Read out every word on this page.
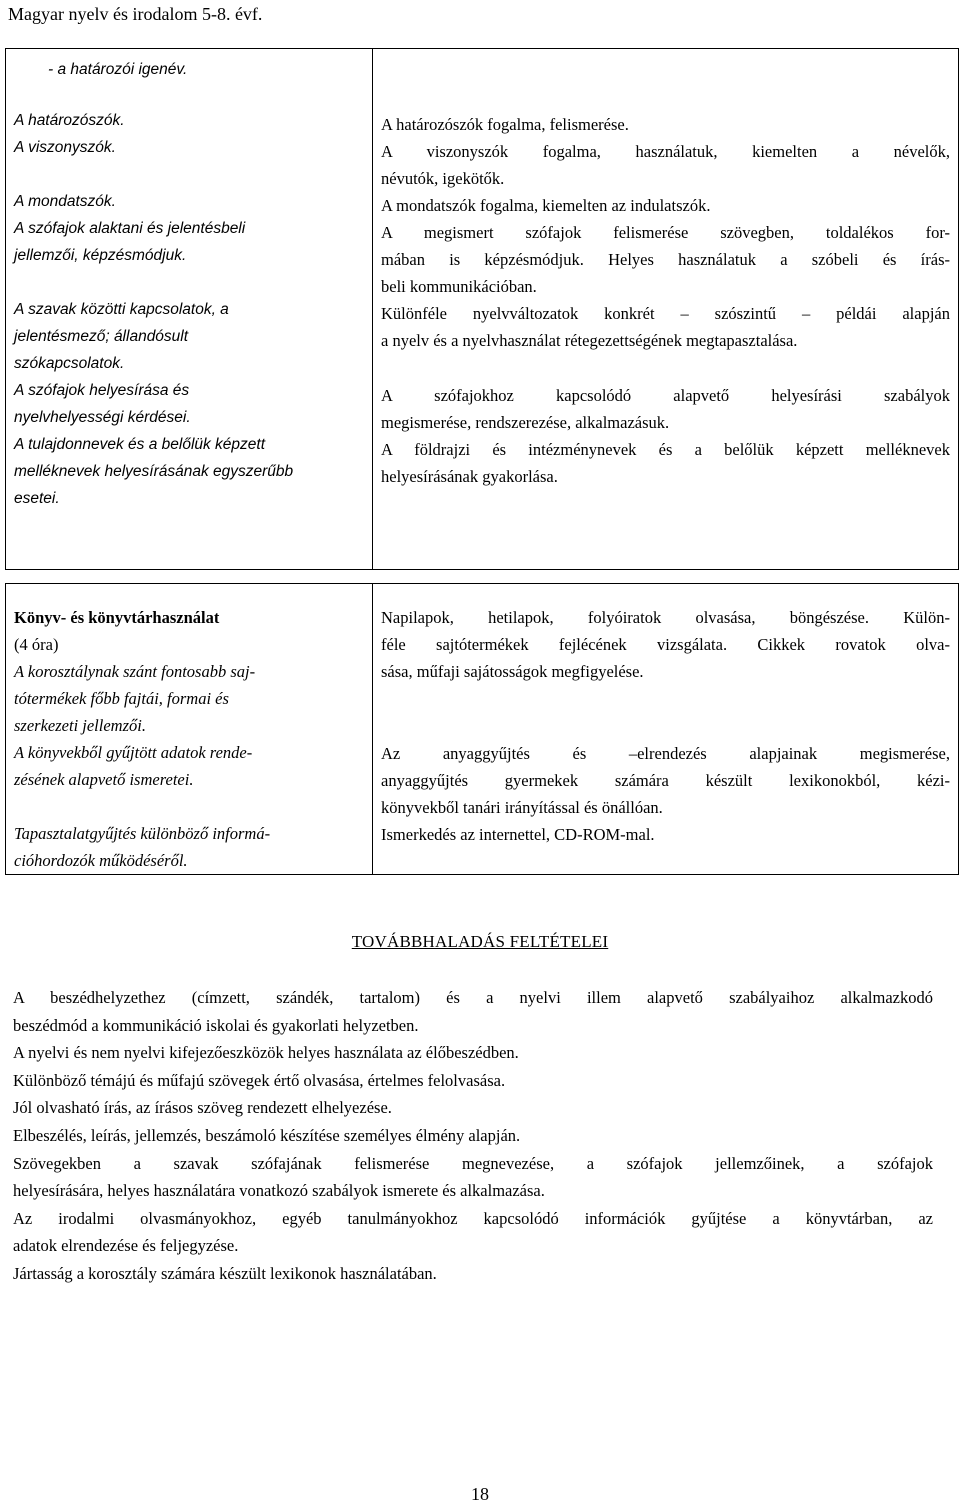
Magyar nyelv és irodalom 5-8. évf.
- a határozói igenév.
A határozószók.
A viszonyszók.
A mondatszók.
A szófajok alaktani és jelentésbeli
jellemzői, képzésmódjuk.
A szavak közötti kapcsolatok, a
jelentésmező; állandósult
szókapcsolatok.
A szófajok helyesírása és
nyelvhelyességi kérdései.
A tulajdonnevek és a belőlük képzett
melléknevek helyesírásának egyszerűbb
esetei.

A határozószók fogalma, felismerése.
A viszonyszók fogalma, használatuk, kiemelten a névelők,
névutók, igekötők.
A mondatszók fogalma, kiemelten az indulatszók.
A megismert szófajok felismerése szövegben, toldalékos for-
mában is képzésmódjuk. Helyes használatuk a szóbeli és írás-
beli kommunikációban.
Különféle nyelvváltozatok konkrét – szószintű – példái alapján
a nyelv és a nyelvhasználat rétegezettségének megtapasztalása.
A szófajokhoz kapcsolódó alapvető helyesírási szabályok
megismerése, rendszerezése, alkalmazásuk.
A földrajzi és intézménynevek és a belőlük képzett melléknevek
helyesírásának gyakorlása.
Könyv- és könyvtárhasználat
(4 óra)
A korosztálynak szánt fontosabb saj-
tótermékek főbb fajtái, formai és
szerkezeti jellemzői.
A könyvekből gyűjtött adatok rende-
zésének alapvető ismeretei.
Tapasztalatgyűjtés különböző informá-
cióhordozók működéséről.

Napilapok, hetilapok, folyóiratok olvasása, böngészése. Külön-
féle sajtótermékek fejlécének vizsgálata. Cikkek rovatok olva-
sása, műfaji sajátosságok megfigyelése.
Az anyaggyűjtés és –elrendezés alapjainak megismerése,
anyaggyűjtés gyermekek számára készült lexikonokból, kézi-
könyvekből tanári irányítással és önállóan.
Ismerkedés az internettel, CD-ROM-mal.
TOVÁBBHALADÁS FELTÉTELEI
A beszédhelyzethez (címzett, szándék, tartalom) és a nyelvi illem alapvető szabályaihoz alkalmazkodó
beszédmód a kommunikáció iskolai és gyakorlati helyzetben.
A nyelvi és nem nyelvi kifejezőeszközök helyes használata az élőbeszédben.
Különböző témájú és műfajú szövegek értő olvasása, értelmes felolvasása.
Jól olvasható írás, az írásos szöveg rendezett elhelyezése.
Elbeszélés, leírás, jellemzés, beszámoló készítése személyes élmény alapján.
Szövegekben a szavak szófajának felismerése megnevezése, a szófajok jellemzőinek, a szófajok
helyesírására, helyes használatára vonatkozó szabályok ismerete és alkalmazása.
Az irodalmi olvasmányokhoz, egyéb tanulmányokhoz kapcsolódó információk gyűjtése a könyvtárban, az
adatok elrendezése és feljegyzése.
Jártasság a korosztály számára készült lexikonok használatában.
18
